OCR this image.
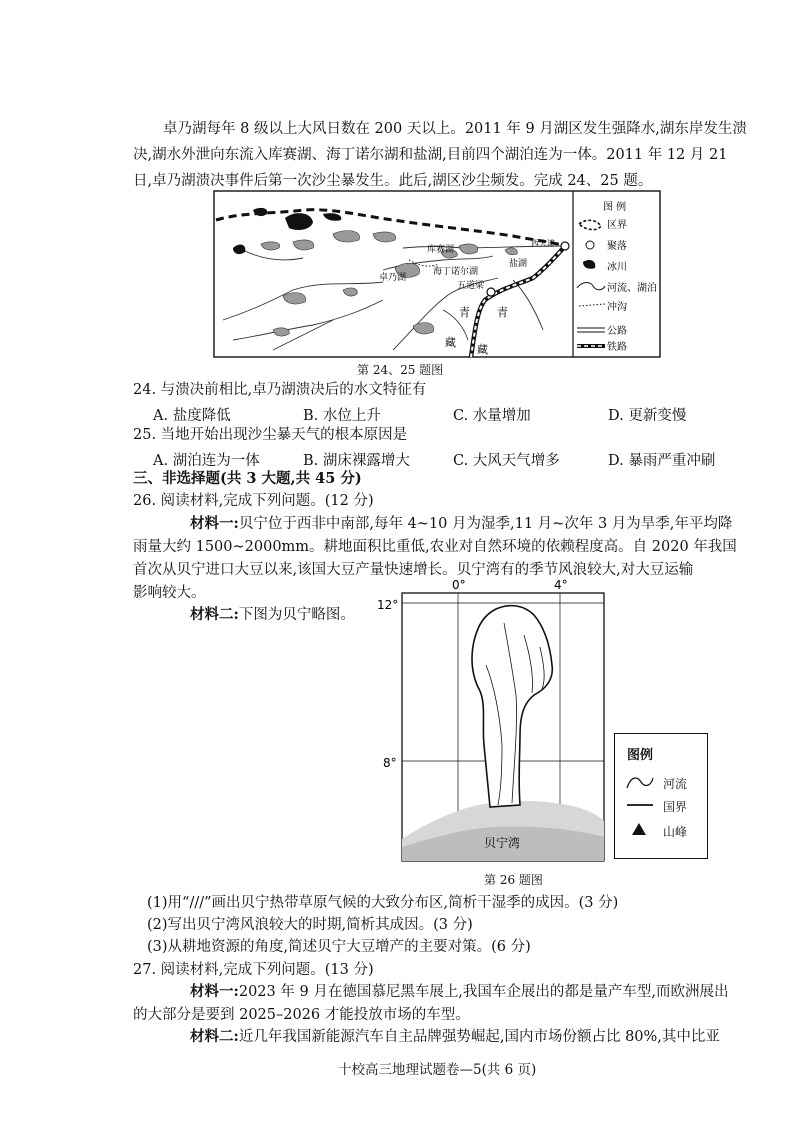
卓乃湖每年 8 级以上大风日数在 200 天以上。2011 年 9 月湖区发生强降水,湖东岸发生溃
决,湖水外泄向东流入库赛湖、海丁诺尔湖和盐湖,目前四个湖泊连为一体。2011 年 12 月 21
日,卓乃湖溃决事件后第一次沙尘暴发生。此后,湖区沙尘频发。完成 24、25 题。
库赛湖
西大滩
盐湖
卓乃湖
海丁诺尔湖
五道梁
青 青
藏
藏
图 例
区界
聚落
冰川
河流、湖泊
冲沟
公路
铁路
第 24、25 题图
24. 与溃决前相比,卓乃湖溃决后的水文特征有
A. 盐度降低	B. 水位上升	C. 水量增加	D. 更新变慢
25. 当地开始出现沙尘暴天气的根本原因是
A. 湖泊连为一体	B. 湖床裸露增大	C. 大风天气增多	D. 暴雨严重冲刷
三、非选择题(共 3 大题,共 45 分)
26. 阅读材料,完成下列问题。(12 分)
材料一:贝宁位于西非中南部,每年 4~10 月为湿季,11 月~次年 3 月为旱季,年平均降
雨量大约 1500~2000mm。耕地面积比重低,农业对自然环境的依赖程度高。自 2020 年我国
首次从贝宁进口大豆以来,该国大豆产量快速增长。贝宁湾有的季节风浪较大,对大豆运输
影响较大。
材料二:下图为贝宁略图。
0°	4°
12°
8°
贝宁湾
图例
河流
国界
山峰
第 26 题图
(1)用“///”画出贝宁热带草原气候的大致分布区,简析干湿季的成因。(3 分)
(2)写出贝宁湾风浪较大的时期,简析其成因。(3 分)
(3)从耕地资源的角度,简述贝宁大豆增产的主要对策。(6 分)
27. 阅读材料,完成下列问题。(13 分)
材料一:2023 年 9 月在德国慕尼黑车展上,我国车企展出的都是量产车型,而欧洲展出
的大部分是要到 2025–2026 才能投放市场的车型。
材料二:近几年我国新能源汽车自主品牌强势崛起,国内市场份额占比 80%,其中比亚
十校高三地理试题卷—5(共 6 页)
